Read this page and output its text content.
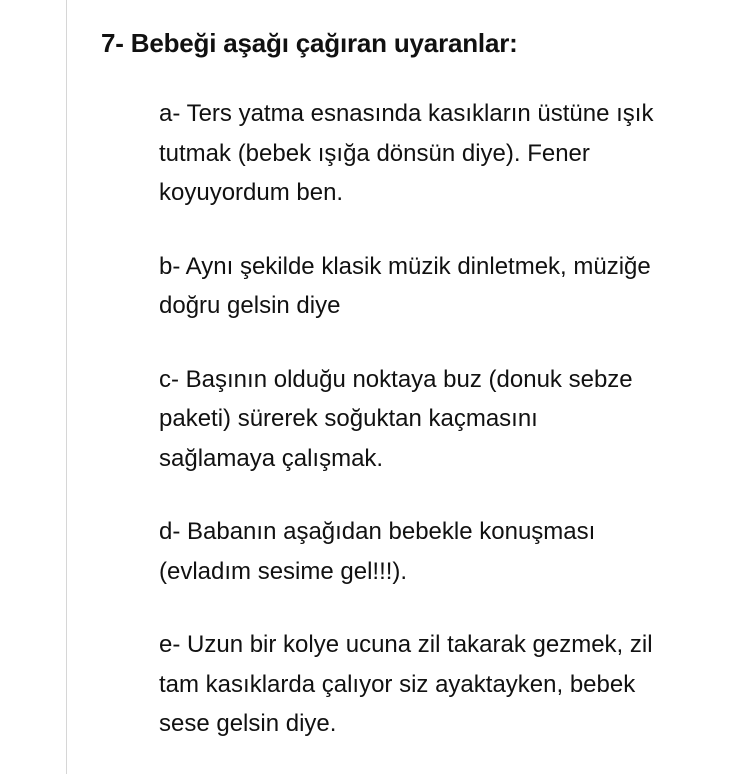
7- Bebeği aşağı çağıran uyaranlar:
a- Ters yatma esnasında kasıkların üstüne ışık tutmak (bebek ışığa dönsün diye). Fener koyuyordum ben.
b- Aynı şekilde klasik müzik dinletmek, müziğe doğru gelsin diye
c- Başının olduğu noktaya buz (donuk sebze paketi) sürerek soğuktan kaçmasını sağlamaya çalışmak.
d- Babanın aşağıdan bebekle konuşması (evladım sesime gel!!!).
e- Uzun bir kolye ucuna zil takarak gezmek, zil tam kasıklarda çalıyor siz ayaktayken, bebek sese gelsin diye.
